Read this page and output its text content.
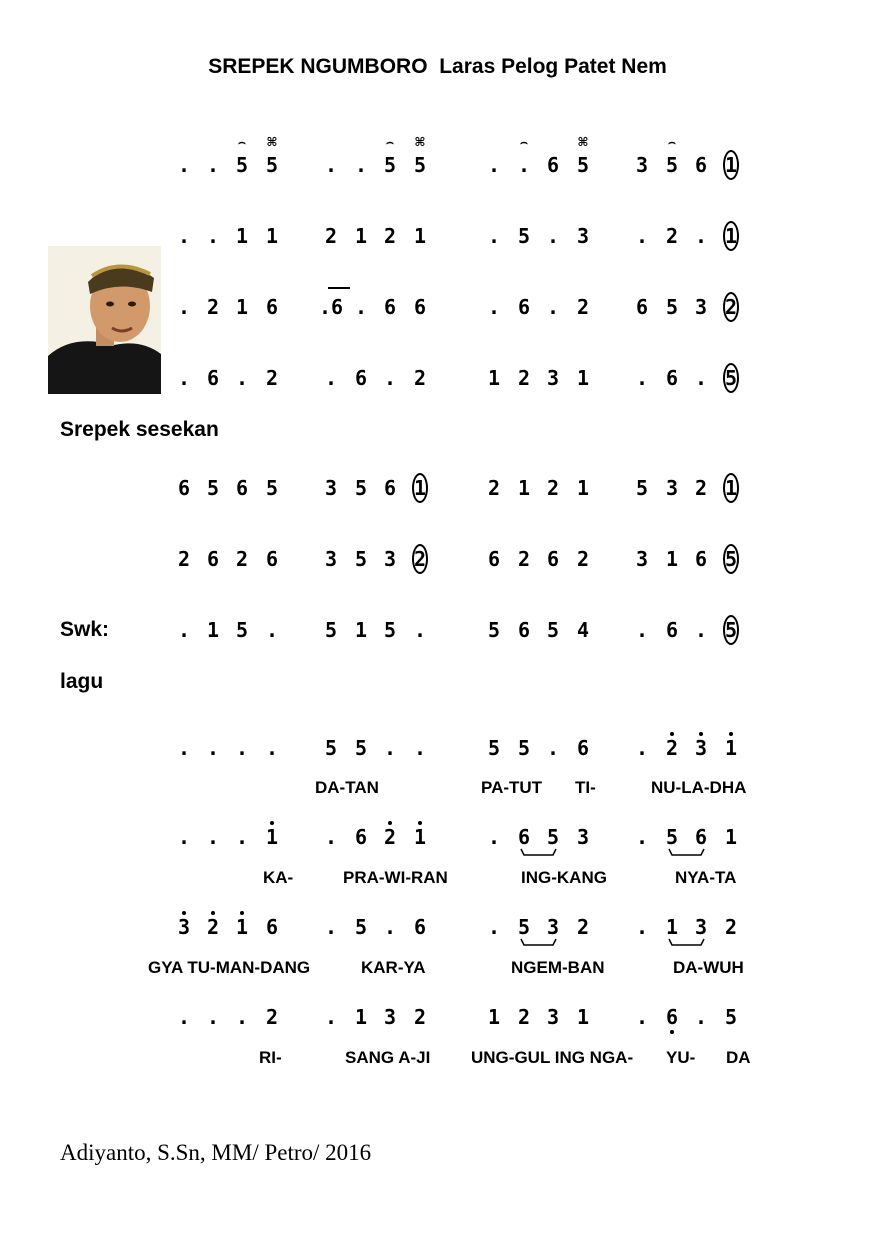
SREPEK NGUMBORO  Laras Pelog Patet Nem
Srepek sesekan
Swk:
lagu
. . 5 5	. . 5 5	. . 6 5	3 5 6 1
. . 1 1	2 1 2 1	. 5 . 3	. 2 . 1
. 2 1 6	.6 . 6 6	. 6 . 2	6 5 3 2
. 6 . 2	. 6 . 2	1 2 3 1	. 6 . 5
⌢	⌘	⌢	⌘	⌢	⌘	⌢
6 5 6 5	3 5 6 1	2 1 2 1	5 3 2 1
2 6 2 6	3 5 3 2	6 2 6 2	3 1 6 5
. 1 5 .	5 1 5 .	5 6 5 4	. 6 . 5
. . . .	5 5 . .	5 5 . 6	. 2 3 1
. . . 1	. 6 2 1	. 6 5 3	. 5 6 1
3 2 1 6	. 5 . 6	. 5 3 2	. 1 3 2
. . . 2	. 1 3 2	1 2 3 1	. 6 . 5
DA-TAN	PA-TUT TI-	NU-LA-DHA
KA-	PRA-WI-RAN	ING-KANG	NYA-TA
GYA TU-MAN-DANG	KAR-YA	NGEM-BAN	DA-WUH
RI-	SANG A-JI UNG-GUL ING NGA- YU- DA
Adiyanto, S.Sn, MM/ Petro/ 2016
